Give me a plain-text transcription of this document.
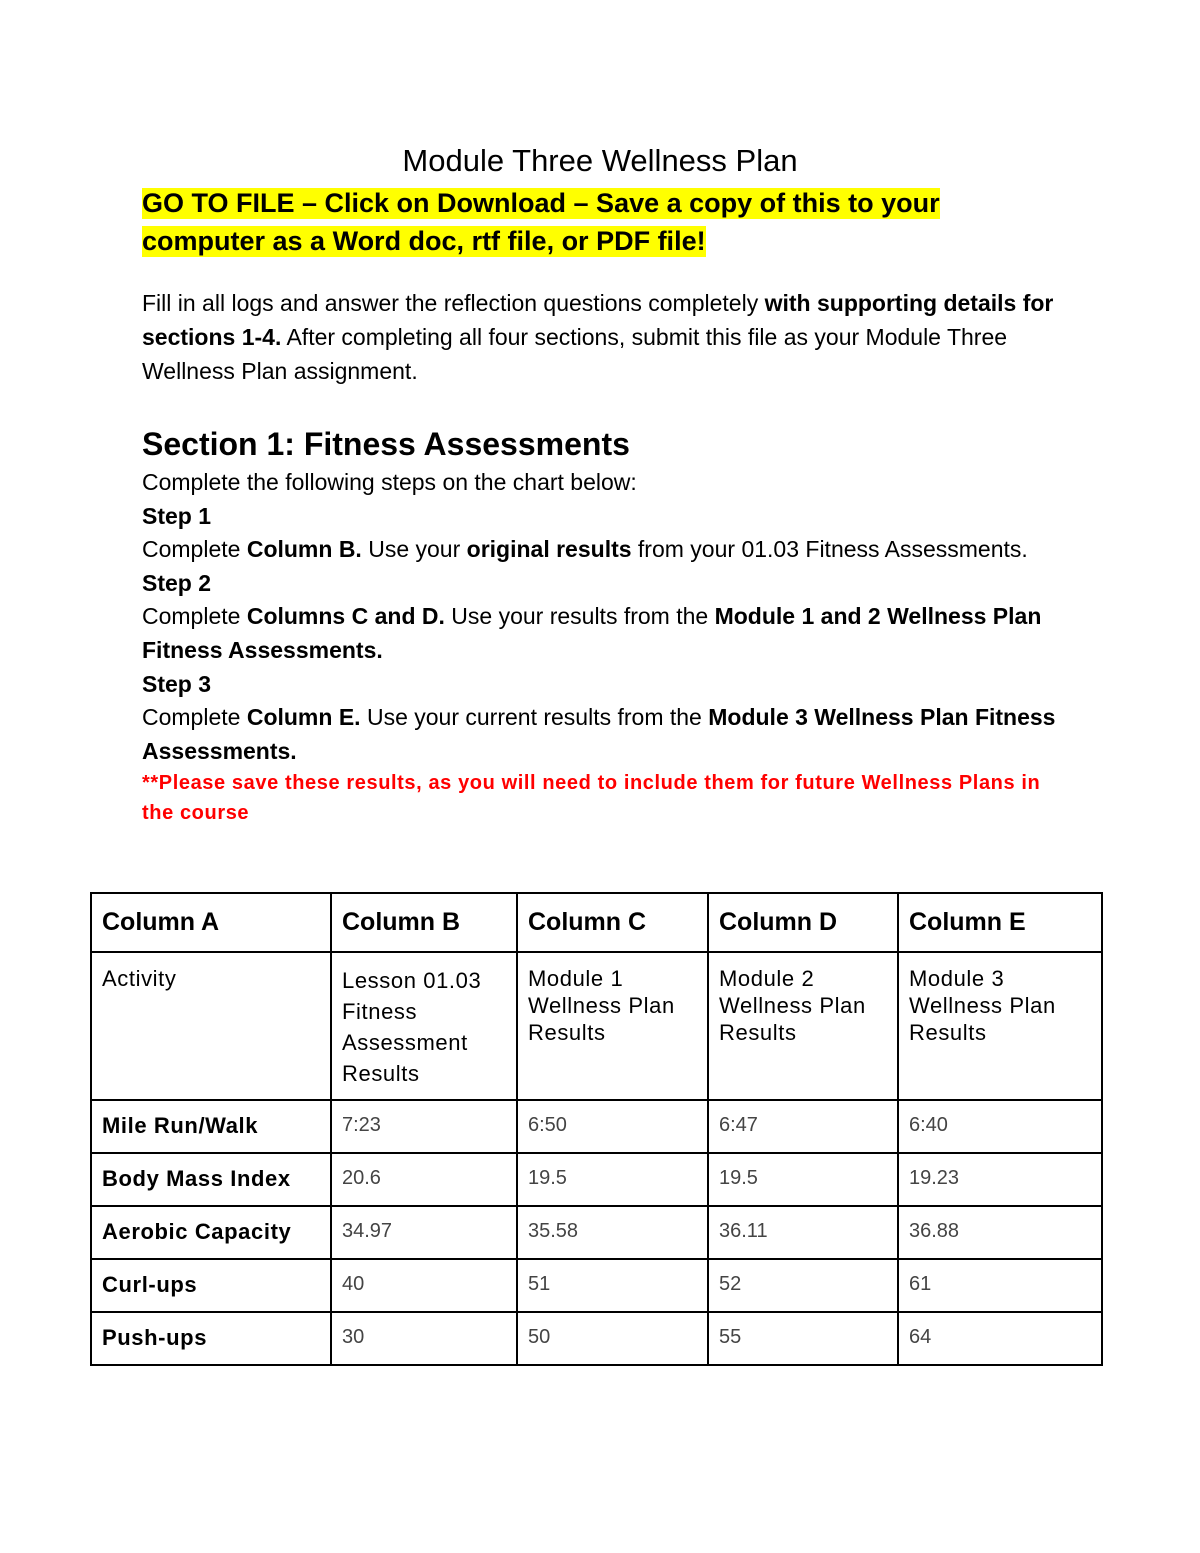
Module Three Wellness Plan
GO TO FILE – Click on Download – Save a copy of this to your
computer as a Word doc, rtf file, or PDF file!
Fill in all logs and answer the reflection questions completely with supporting details for sections 1-4. After completing all four sections, submit this file as your Module Three Wellness Plan assignment.
Section 1: Fitness Assessments
Complete the following steps on the chart below:
Step 1
Complete Column B. Use your original results from your 01.03 Fitness Assessments.
Step 2
Complete Columns C and D. Use your results from the Module 1 and 2 Wellness Plan Fitness Assessments.
Step 3
Complete Column E. Use your current results from the Module 3 Wellness Plan Fitness Assessments.
**Please save these results, as you will need to include them for future Wellness Plans in the course
Column A	Column B	Column C	Column D	Column E
Activity	Lesson 01.03 Fitness Assessment Results	Module 1 Wellness Plan Results	Module 2 Wellness Plan Results	Module 3 Wellness Plan Results
Mile Run/Walk	7:23	6:50	6:47	6:40
Body Mass Index	20.6	19.5	19.5	19.23
Aerobic Capacity	34.97	35.58	36.11	36.88
Curl-ups	40	51	52	61
Push-ups	30	50	55	64
